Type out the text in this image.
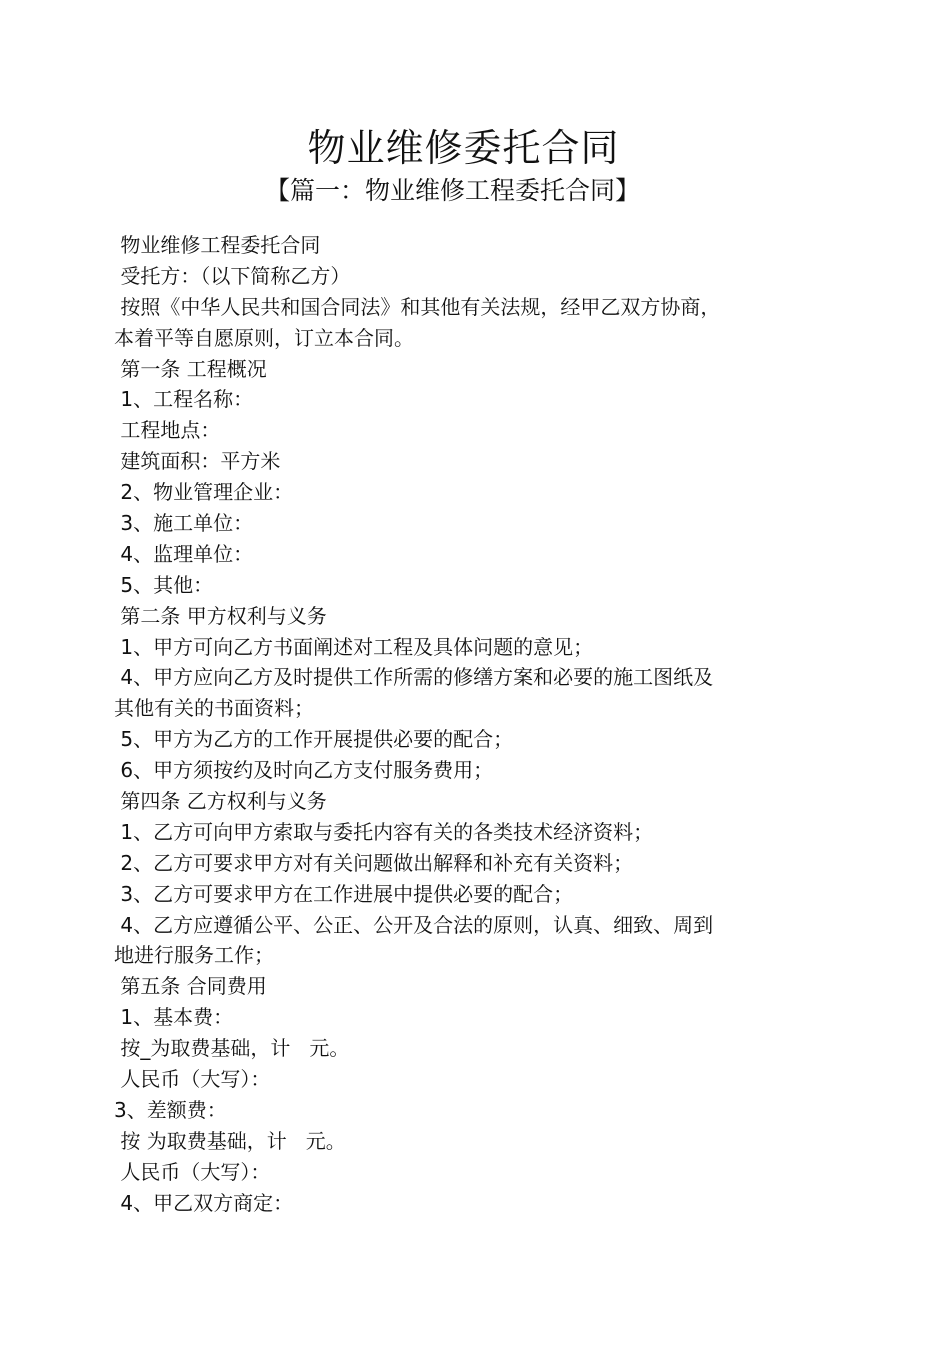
物业维修委托合同
【篇一：物业维修工程委托合同】
物业维修工程委托合同
受托方：（以下简称乙方）
按照《中华人民共和国合同法》和其他有关法规，经甲乙双方协商，
本着平等自愿原则，订立本合同。
第一条 工程概况
1、工程名称：
工程地点：
建筑面积：平方米
2、物业管理企业：
3、施工单位：
4、监理单位：
5、其他：
第二条 甲方权利与义务
1、甲方可向乙方书面阐述对工程及具体问题的意见；
4、甲方应向乙方及时提供工作所需的修缮方案和必要的施工图纸及
其他有关的书面资料；
5、甲方为乙方的工作开展提供必要的配合；
6、甲方须按约及时向乙方支付服务费用；
第四条 乙方权利与义务
1、乙方可向甲方索取与委托内容有关的各类技术经济资料；
2、乙方可要求甲方对有关问题做出解释和补充有关资料；
3、乙方可要求甲方在工作进展中提供必要的配合；
4、乙方应遵循公平、公正、公开及合法的原则，认真、细致、周到
地进行服务工作；
第五条 合同费用
1、基本费：
按_为取费基础，计   元。
人民币（大写）：
3、差额费：
按 为取费基础，计   元。
人民币（大写）：
4、甲乙双方商定：
